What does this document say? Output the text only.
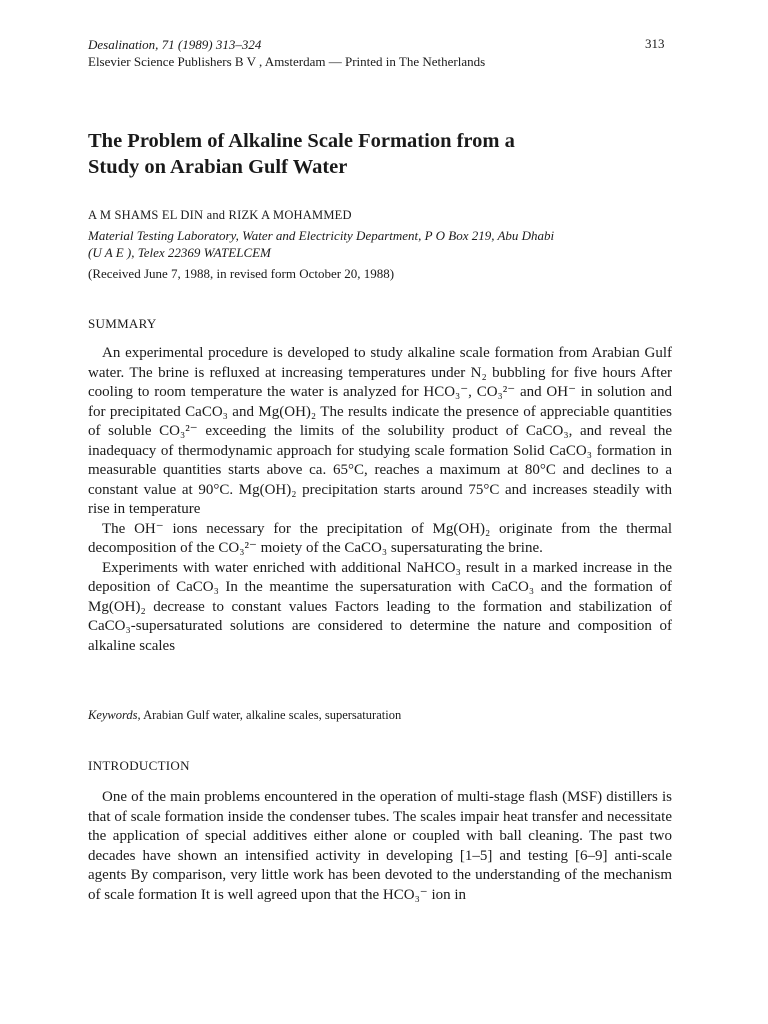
Desalination, 71 (1989) 313–324
Elsevier Science Publishers B V , Amsterdam — Printed in The Netherlands
313
The Problem of Alkaline Scale Formation from a
Study on Arabian Gulf Water
A M SHAMS EL DIN and RIZK A MOHAMMED
Material Testing Laboratory, Water and Electricity Department, P O Box 219, Abu Dhabi
(U A E ), Telex 22369 WATELCEM
(Received June 7, 1988, in revised form October 20, 1988)
SUMMARY

An experimental procedure is developed to study alkaline scale formation from Arabian Gulf water. The brine is refluxed at increasing temperatures under N₂ bubbling for five hours After cooling to room temperature the water is analyzed for HCO₃⁻, CO₃²⁻ and OH⁻ in solution and for precipitated CaCO₃ and Mg(OH)₂ The results indicate the presence of appreciable quantities of soluble CO₃²⁻ exceeding the limits of the solubility product of CaCO₃, and reveal the inadequacy of thermodynamic approach for studying scale formation Solid CaCO₃ formation in measurable quantities starts above ca. 65°C, reaches a maximum at 80°C and declines to a constant value at 90°C. Mg(OH)₂ precipitation starts around 75°C and increases steadily with rise in temperature

The OH⁻ ions necessary for the precipitation of Mg(OH)₂ originate from the thermal decomposition of the CO₃²⁻ moiety of the CaCO₃ supersaturating the brine.

Experiments with water enriched with additional NaHCO₃ result in a marked increase in the deposition of CaCO₃ In the meantime the supersaturation with CaCO₃ and the formation of Mg(OH)₂ decrease to constant values Factors leading to the formation and stabilization of CaCO₃-supersaturated solutions are considered to determine the nature and composition of alkaline scales

Keywords, Arabian Gulf water, alkaline scales, supersaturation
INTRODUCTION

One of the main problems encountered in the operation of multi-stage flash (MSF) distillers is that of scale formation inside the condenser tubes. The scales impair heat transfer and necessitate the application of special additives either alone or coupled with ball cleaning. The past two decades have shown an intensified activity in developing [1–5] and testing [6–9] anti-scale agents By comparison, very little work has been devoted to the understanding of the mechanism of scale formation It is well agreed upon that the HCO₃⁻ ion in
